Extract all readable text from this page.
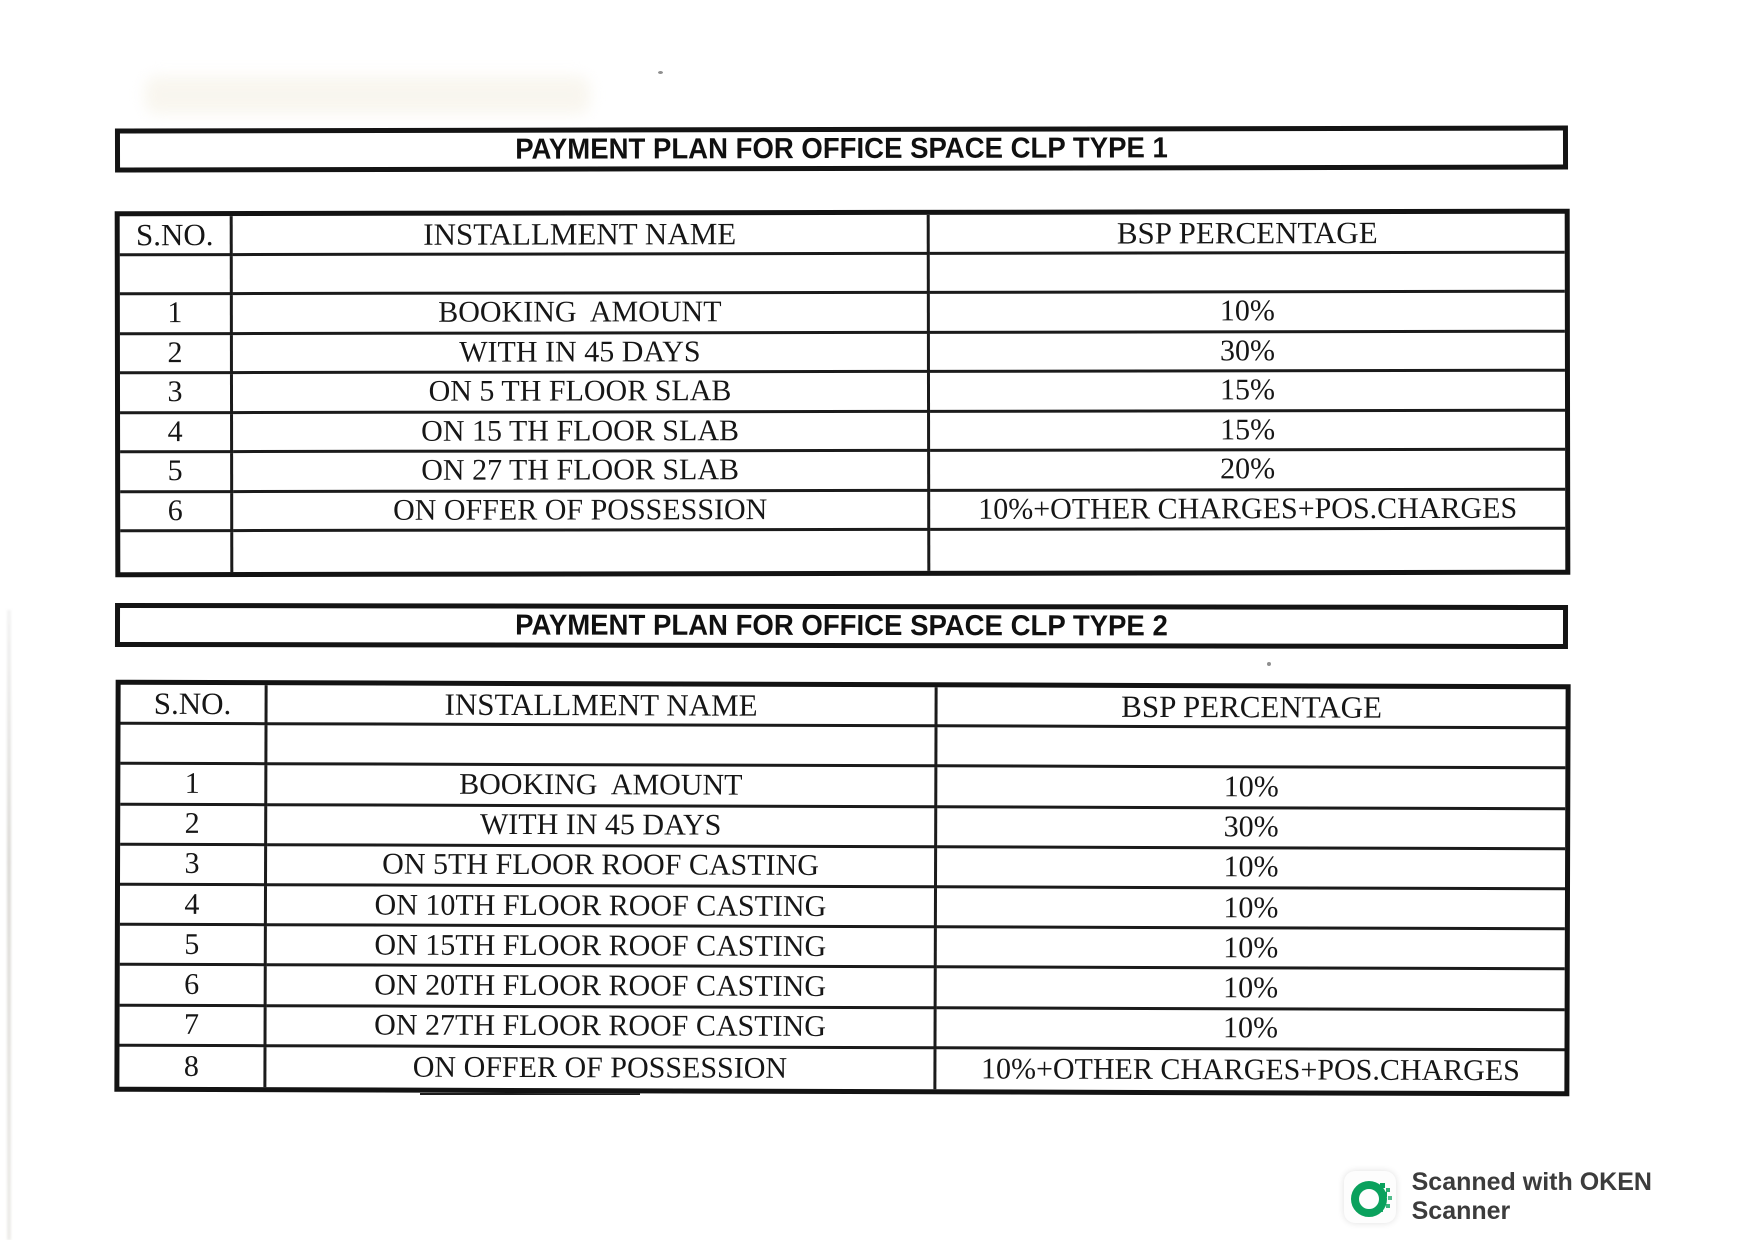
PAYMENT PLAN FOR OFFICE SPACE CLP TYPE 1
S.NO.	INSTALLMENT NAME	BSP PERCENTAGE
1	BOOKING  AMOUNT	10%
2	WITH IN 45 DAYS	30%
3	ON 5 TH FLOOR SLAB	15%
4	ON 15 TH FLOOR SLAB	15%
5	ON 27 TH FLOOR SLAB	20%
6	ON OFFER OF POSSESSION	10%+OTHER CHARGES+POS.CHARGES
PAYMENT PLAN FOR OFFICE SPACE CLP TYPE 2
S.NO.	INSTALLMENT NAME	BSP PERCENTAGE
1	BOOKING  AMOUNT	10%
2	WITH IN 45 DAYS	30%
3	ON 5TH FLOOR ROOF CASTING	10%
4	ON 10TH FLOOR ROOF CASTING	10%
5	ON 15TH FLOOR ROOF CASTING	10%
6	ON 20TH FLOOR ROOF CASTING	10%
7	ON 27TH FLOOR ROOF CASTING	10%
8	ON OFFER OF POSSESSION	10%+OTHER CHARGES+POS.CHARGES
Scanned with OKEN Scanner
